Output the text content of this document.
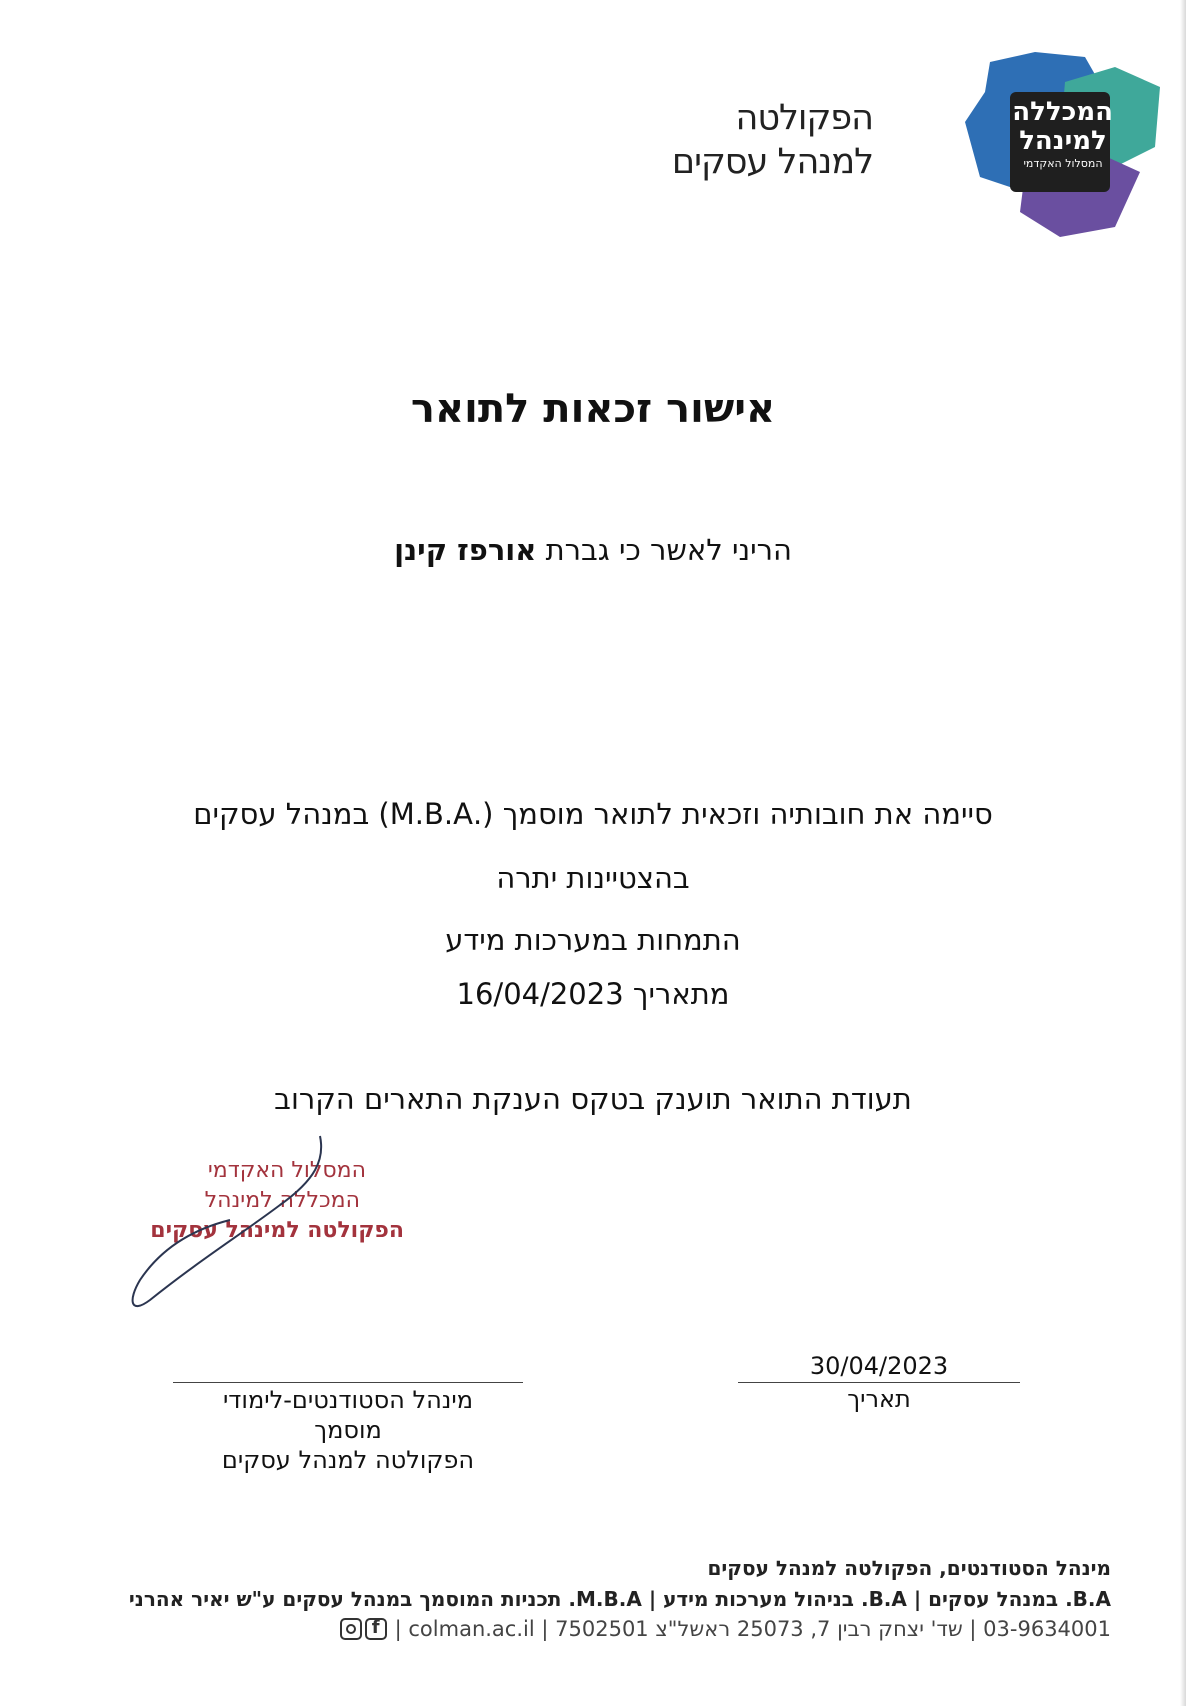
הפקולטה
למנהל עסקים
המכללה
למינהל
המסלול האקדמי
אישור זכאות לתואר
הריני לאשר כי גברת אורפז קינן
סיימה את חובותיה וזכאית לתואר מוסמך (.M.B.A) במנהל עסקים
בהצטיינות יתרה
התמחות במערכות מידע
מתאריך 16/04/2023
תעודת התואר תוענק בטקס הענקת התארים הקרוב
המסלול האקדמי
המכללה למינהל
הפקולטה למינהל עסקים
30/04/2023
תאריך
מינהל הסטודנטים-לימודי
מוסמך
הפקולטה למנהל עסקים
מינהל הסטודנטים, הפקולטה למנהל עסקים
B.A. במנהל עסקים | B.A. בניהול מערכות מידע | M.B.A. תכניות המוסמך במנהל עסקים ע"ש יאיר אהרני
03-9634001 | שד' יצחק רבין 7, 25073 ראשל"צ 7502501 | colman.ac.il |
f
